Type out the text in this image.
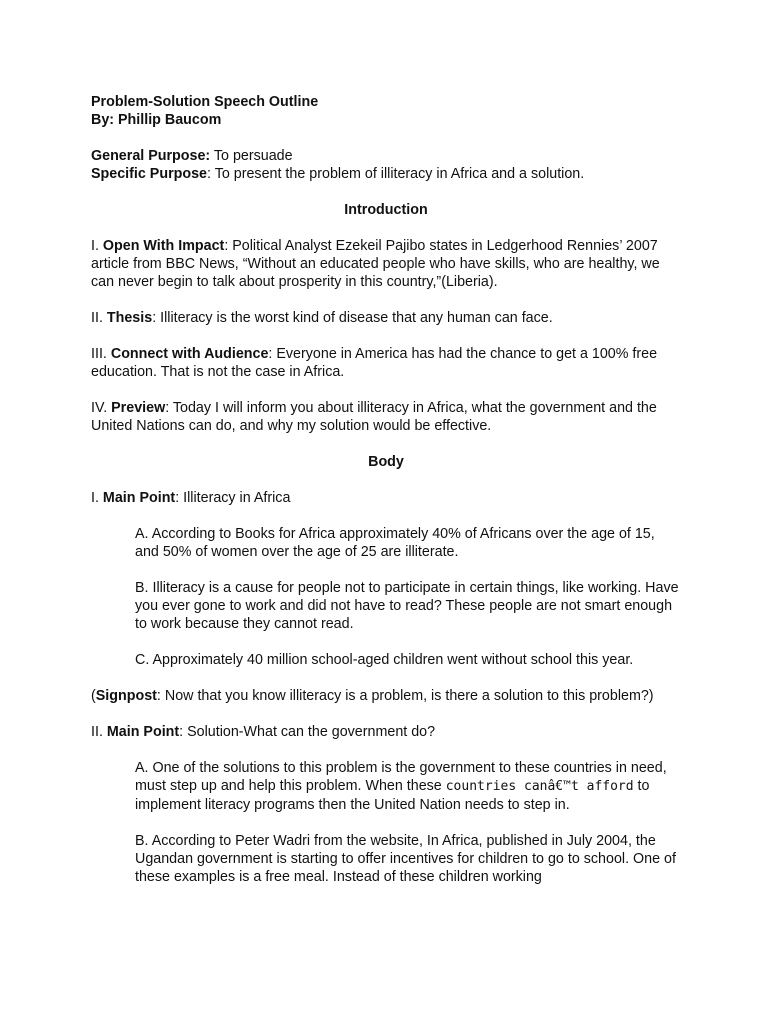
Problem-Solution Speech Outline

By: Phillip Baucom

General Purpose: To persuade

Specific Purpose: To present the problem of illiteracy in Africa and a solution.

Introduction

I. Open With Impact: Political Analyst Ezekeil Pajibo states in Ledgerhood Rennies’ 2007 article from BBC News, “Without an educated people who have skills, who are healthy, we can never begin to talk about prosperity in this country,”(Liberia).

II. Thesis: Illiteracy is the worst kind of disease that any human can face.

III. Connect with Audience: Everyone in America has had the chance to get a 100% free education. That is not the case in Africa.

IV. Preview: Today I will inform you about illiteracy in Africa, what the government and the United Nations can do, and why my solution would be effective.

Body

I. Main Point: Illiteracy in Africa

A. According to Books for Africa approximately 40% of Africans over the age of 15, and 50% of women over the age of 25 are illiterate.

B. Illiteracy is a cause for people not to participate in certain things, like working. Have you ever gone to work and did not have to read? These people are not smart enough to work because they cannot read.

C. Approximately 40 million school-aged children went without school this year.

(Signpost: Now that you know illiteracy is a problem, is there a solution to this problem?)

II. Main Point: Solution-What can the government do?

A. One of the solutions to this problem is the government to these countries in need, must step up and help this problem. When these countries canâ€™t afford to implement literacy programs then the United Nation needs to step in.

B. According to Peter Wadri from the website, In Africa, published in July 2004, the Ugandan government is starting to offer incentives for children to go to school. One of these examples is a free meal. Instead of these children working
